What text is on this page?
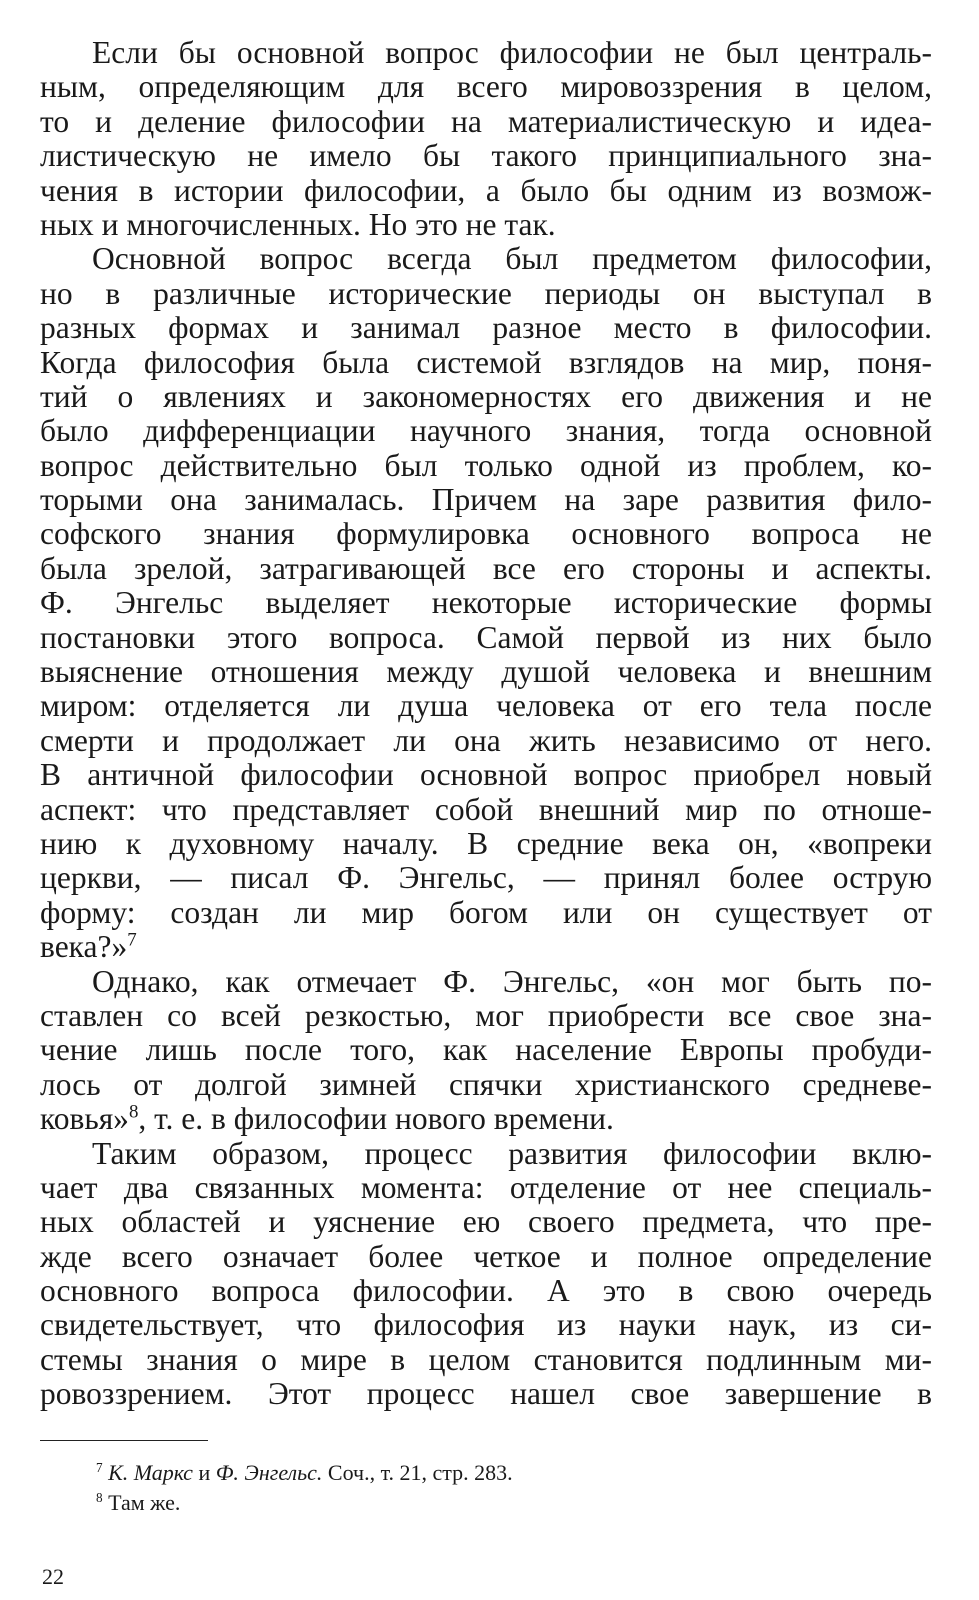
Если бы основной вопрос философии не был централь-
ным, определяющим для всего мировоззрения в целом,
то и деление философии на материалистическую и идеа-
листическую не имело бы такого принципиального зна-
чения в истории философии, а было бы одним из возмож-
ных и многочисленных. Но это не так.
Основной вопрос всегда был предметом философии,
но в различные исторические периоды он выступал в
разных формах и занимал разное место в философии.
Когда философия была системой взглядов на мир, поня-
тий о явлениях и закономерностях его движения и не
было дифференциации научного знания, тогда основной
вопрос действительно был только одной из проблем, ко-
торыми она занималась. Причем на заре развития фило-
софского знания формулировка основного вопроса не
была зрелой, затрагивающей все его стороны и аспекты.
Ф. Энгельс выделяет некоторые исторические формы
постановки этого вопроса. Самой первой из них было
выяснение отношения между душой человека и внешним
миром: отделяется ли душа человека от его тела после
смерти и продолжает ли она жить независимо от него.
В античной философии основной вопрос приобрел новый
аспект: что представляет собой внешний мир по отноше-
нию к духовному началу. В средние века он, «вопреки
церкви, — писал Ф. Энгельс, — принял более острую
форму: создан ли мир богом или он существует от
века?»$^7$
Однако, как отмечает Ф. Энгельс, «он мог быть по-
ставлен со всей резкостью, мог приобрести все свое зна-
чение лишь после того, как население Европы пробуди-
лось от долгой зимней спячки христианского средневе-
ковья»$^8$, т. е. в философии нового времени.
Таким образом, процесс развития философии вклю-
чает два связанных момента: отделение от нее специаль-
ных областей и уяснение ею своего предмета, что пре-
жде всего означает более четкое и полное определение
основного вопроса философии. А это в свою очередь
свидетельствует, что философия из науки наук, из си-
стемы знания о мире в целом становится подлинным ми-
ровоззрением. Этот процесс нашел свое завершение в
$^7$ К. Маркс и Ф. Энгельс. Соч., т. 21, стр. 283.
$^8$ Там же.
22
